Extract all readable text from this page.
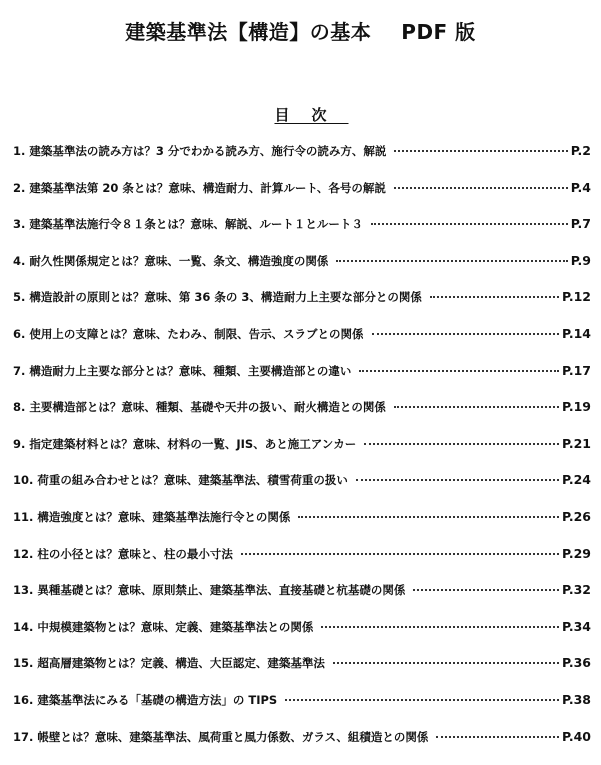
建築基準法【構造】の基本 PDF 版
目次
1. 建築基準法の読み方は？3 分でわかる読み方、施行令の読み方、解説	P.2
2. 建築基準法第 20 条とは？意味、構造耐力、計算ルート、各号の解説	P.4
3. 建築基準法施行令８１条とは？意味、解説、ルート１とルート３	P.7
4. 耐久性関係規定とは？意味、一覧、条文、構造強度の関係	P.9
5. 構造設計の原則とは？意味、第 36 条の 3、構造耐力上主要な部分との関係	P.12
6. 使用上の支障とは？意味、たわみ、制限、告示、スラブとの関係	P.14
7. 構造耐力上主要な部分とは？意味、種類、主要構造部との違い	P.17
8. 主要構造部とは？意味、種類、基礎や天井の扱い、耐火構造との関係	P.19
9. 指定建築材料とは？意味、材料の一覧、JIS、あと施工アンカー	P.21
10. 荷重の組み合わせとは？意味、建築基準法、積雪荷重の扱い	P.24
11. 構造強度とは？意味、建築基準法施行令との関係	P.26
12. 柱の小径とは？意味と、柱の最小寸法	P.29
13. 異種基礎とは？意味、原則禁止、建築基準法、直接基礎と杭基礎の関係	P.32
14. 中規模建築物とは？意味、定義、建築基準法との関係	P.34
15. 超高層建築物とは？定義、構造、大臣認定、建築基準法	P.36
16. 建築基準法にみる「基礎の構造方法」の TIPS	P.38
17. 帳壁とは？意味、建築基準法、風荷重と風力係数、ガラス、組積造との関係	P.40
